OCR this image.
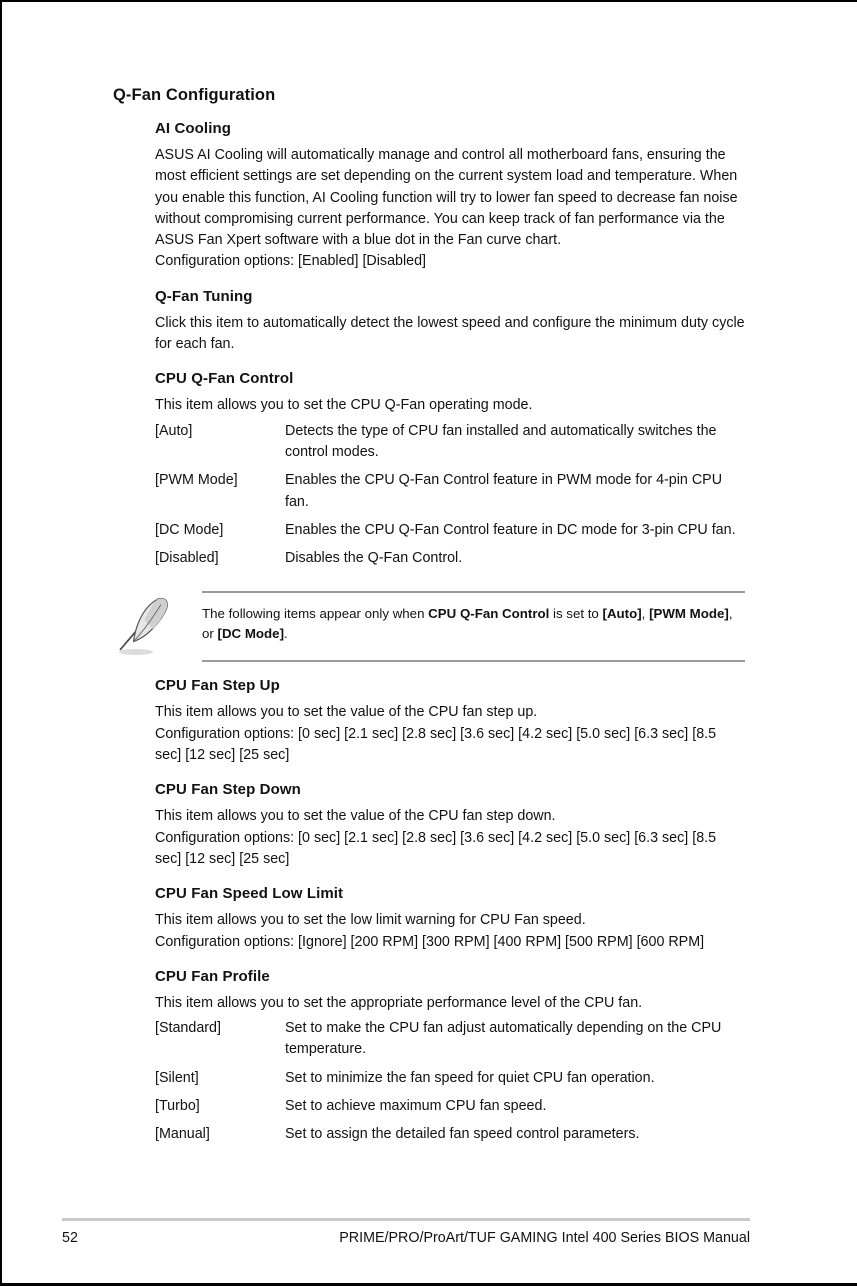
Q-Fan Configuration
AI Cooling

ASUS AI Cooling will automatically manage and control all motherboard fans, ensuring the most efficient settings are set depending on the current system load and temperature. When you enable this function, AI Cooling function will try to lower fan speed to decrease fan noise without compromising current performance. You can keep track of fan performance via the ASUS Fan Xpert software with a blue dot in the Fan curve chart.

Configuration options: [Enabled] [Disabled]

Q-Fan Tuning

Click this item to automatically detect the lowest speed and configure the minimum duty cycle for each fan.

CPU Q-Fan Control

This item allows you to set the CPU Q-Fan operating mode.

[Auto]	Detects the type of CPU fan installed and automatically switches the control modes.
[PWM Mode]	Enables the CPU Q-Fan Control feature in PWM mode for 4-pin CPU fan.
[DC Mode]	Enables the CPU Q-Fan Control feature in DC mode for 3-pin CPU fan.
[Disabled]	Disables the Q-Fan Control.
The following items appear only when CPU Q-Fan Control is set to [Auto], [PWM Mode], or [DC Mode].
CPU Fan Step Up

This item allows you to set the value of the CPU fan step up.

Configuration options: [0 sec] [2.1 sec] [2.8 sec] [3.6 sec] [4.2 sec] [5.0 sec] [6.3 sec] [8.5 sec] [12 sec] [25 sec]

CPU Fan Step Down

This item allows you to set the value of the CPU fan step down.

Configuration options: [0 sec] [2.1 sec] [2.8 sec] [3.6 sec] [4.2 sec] [5.0 sec] [6.3 sec] [8.5 sec] [12 sec] [25 sec]

CPU Fan Speed Low Limit

This item allows you to set the low limit warning for CPU Fan speed.

Configuration options: [Ignore] [200 RPM] [300 RPM] [400 RPM] [500 RPM] [600 RPM]

CPU Fan Profile

This item allows you to set the appropriate performance level of the CPU fan.

[Standard]	Set to make the CPU fan adjust automatically depending on the CPU temperature.
[Silent]	Set to minimize the fan speed for quiet CPU fan operation.
[Turbo]	Set to achieve maximum CPU fan speed.
[Manual]	Set to assign the detailed fan speed control parameters.
52	PRIME/PRO/ProArt/TUF GAMING Intel 400 Series BIOS Manual
